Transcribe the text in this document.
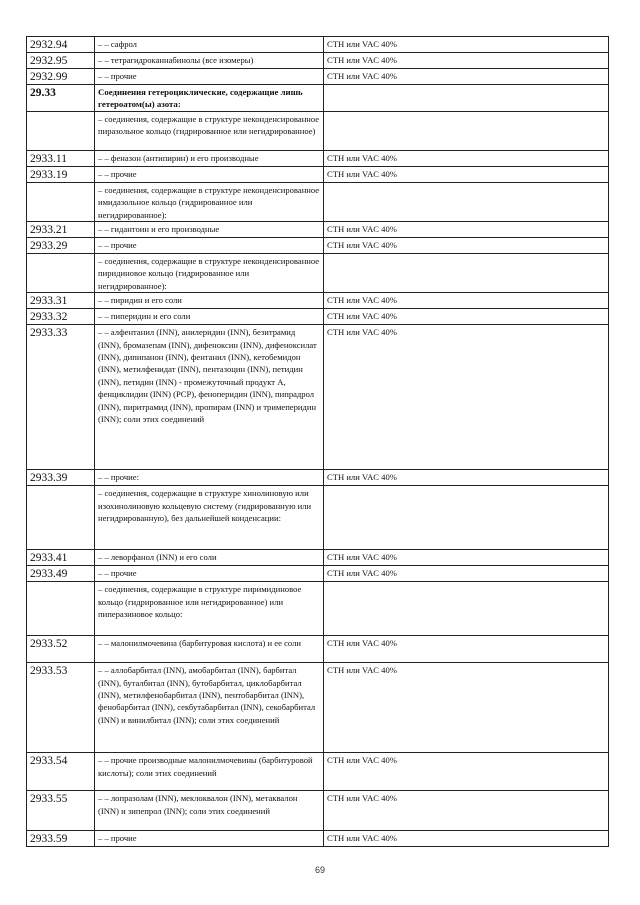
2932.94	– – сафрол	СТН или VAC 40%
2932.95	– – тетрагидроканнабинолы (все изомеры)	СТН или VAC 40%
2932.99	– – прочие	СТН или VAC 40%
29.33	Соединения гетероциклические, содержащие лишь гетероатом(ы) азота:	
	– соединения, содержащие в структуре неконденсированное пиразольное кольцо (гидрированное или негидрированное)	
2933.11	– – феназон (антипирин) и его производные	СТН или VAC 40%
2933.19	– – прочие	СТН или VAC 40%
	– соединения, содержащие в структуре неконденсированное имидазольное кольцо (гидрированное или негидрированное):	
2933.21	– – гидантоин и его производные	СТН или VAC 40%
2933.29	– – прочие	СТН или VAC 40%
	– соединения, содержащие в структуре неконденсированное пиридиновое кольцо (гидрированное или негидрированное):	
2933.31	– – пиридин и его соли	СТН или VAC 40%
2933.32	– – пиперидин и его соли	СТН или VAC 40%
2933.33	– – алфентанил (INN), анилеридин (INN), безитрамид (INN), бромазепам (INN), дифеноксин (INN), дифеноксилат (INN), дипипанон (INN), фентанил (INN), кетобемидон (INN), метилфенидат (INN), пентазоцин (INN), петидин (INN), петидин (INN) - промежуточный продукт А, фенциклидин (INN) (PCP), феноперидин (INN), пипрадрол (INN), пиритрамид (INN), пропирам (INN) и тримеперидин (INN); соли этих соединений	СТН или VAC 40%
2933.39	– – прочие:	СТН или VAC 40%
	– соединения, содержащие в структуре хинолиновую или изохинолиновую кольцевую систему (гидрированную или негидрированную), без дальнейшей конденсации:	
2933.41	– – леворфанол (INN) и его соли	СТН или VAC 40%
2933.49	– – прочие	СТН или VAC 40%
	– соединения, содержащие в структуре пиримидиновое кольцо (гидрированное или негидрированное) или пиперазиновое кольцо:	
2933.52	– – малонилмочевина (барбитуровая кислота) и ее соли	СТН или VAC 40%
2933.53	– – аллобарбитал (INN), амобарбитал (INN), барбитал (INN), буталбитал (INN), бутобарбитал, циклобарбитал (INN), метилфенобарбитал (INN), пентобарбитал (INN), фенобарбитал (INN), секбутабарбитал (INN), секобарбитал (INN) и винилбитал (INN); соли этих соединений	СТН или VAC 40%
2933.54	– – прочие производные малонилмочевины (барбитуровой кислоты); соли этих соединений	СТН или VAC 40%
2933.55	– – лопразолам (INN), меклоквалон (INN), метаквалон (INN) и зипепрол (INN); соли этих соединений	СТН или VAC 40%
2933.59	– – прочие	СТН или VAC 40%
69
